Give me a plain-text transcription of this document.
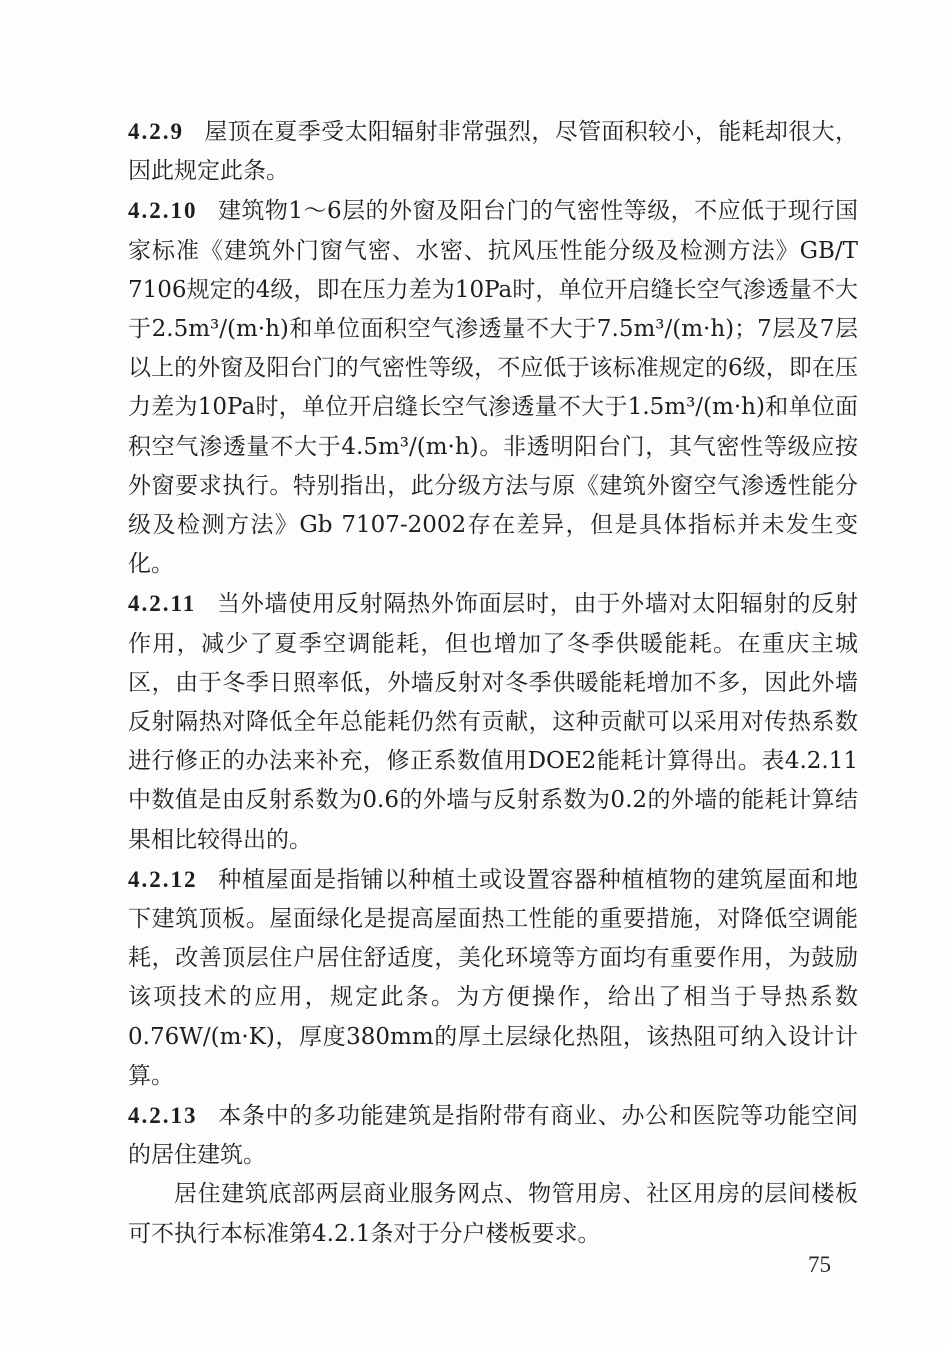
4.2.9 屋顶在夏季受太阳辐射非常强烈，尽管面积较小，能耗却很大，因此规定此条。

4.2.10 建筑物1～6层的外窗及阳台门的气密性等级，不应低于现行国家标准《建筑外门窗气密、水密、抗风压性能分级及检测方法》GB/T 7106规定的4级，即在压力差为10Pa时，单位开启缝长空气渗透量不大于2.5m³/(m·h)和单位面积空气渗透量不大于7.5m³/(m·h)；7层及7层以上的外窗及阳台门的气密性等级，不应低于该标准规定的6级，即在压力差为10Pa时，单位开启缝长空气渗透量不大于1.5m³/(m·h)和单位面积空气渗透量不大于4.5m³/(m·h)。非透明阳台门，其气密性等级应按外窗要求执行。特别指出，此分级方法与原《建筑外窗空气渗透性能分级及检测方法》Gb 7107-2002存在差异，但是具体指标并未发生变化。

4.2.11 当外墙使用反射隔热外饰面层时，由于外墙对太阳辐射的反射作用，减少了夏季空调能耗，但也增加了冬季供暖能耗。在重庆主城区，由于冬季日照率低，外墙反射对冬季供暖能耗增加不多，因此外墙反射隔热对降低全年总能耗仍然有贡献，这种贡献可以采用对传热系数进行修正的办法来补充，修正系数值用DOE2能耗计算得出。表4.2.11中数值是由反射系数为0.6的外墙与反射系数为0.2的外墙的能耗计算结果相比较得出的。

4.2.12 种植屋面是指铺以种植土或设置容器种植植物的建筑屋面和地下建筑顶板。屋面绿化是提高屋面热工性能的重要措施，对降低空调能耗，改善顶层住户居住舒适度，美化环境等方面均有重要作用，为鼓励该项技术的应用，规定此条。为方便操作，给出了相当于导热系数0.76W/(m·K)，厚度380mm的厚土层绿化热阻，该热阻可纳入设计计算。

4.2.13 本条中的多功能建筑是指附带有商业、办公和医院等功能空间的居住建筑。

居住建筑底部两层商业服务网点、物管用房、社区用房的层间楼板可不执行本标准第4.2.1条对于分户楼板要求。

75
